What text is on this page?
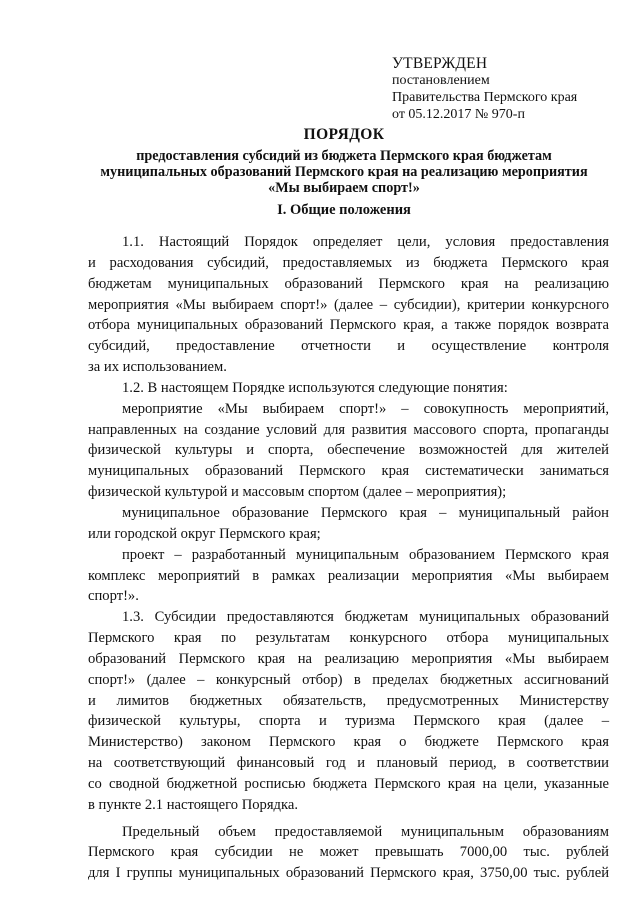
УТВЕРЖДЕН
постановлением
Правительства Пермского края
от 05.12.2017 № 970-п
ПОРЯДОК
предоставления субсидий из бюджета Пермского края бюджетам
муниципальных образований Пермского края на реализацию мероприятия
«Мы выбираем спорт!»
I. Общие положения
1.1. Настоящий Порядок определяет цели, условия предоставления
и расходования субсидий, предоставляемых из бюджета Пермского края
бюджетам муниципальных образований Пермского края на реализацию
мероприятия «Мы выбираем спорт!» (далее – субсидии), критерии конкурсного
отбора муниципальных образований Пермского края, а также порядок возврата
субсидий, предоставление отчетности и осуществление контроля
за их использованием.
1.2. В настоящем Порядке используются следующие понятия:
мероприятие «Мы выбираем спорт!» – совокупность мероприятий,
направленных на создание условий для развития массового спорта, пропаганды
физической культуры и спорта, обеспечение возможностей для жителей
муниципальных образований Пермского края систематически заниматься
физической культурой и массовым спортом (далее – мероприятия);
муниципальное образование Пермского края – муниципальный район
или городской округ Пермского края;
проект – разработанный муниципальным образованием Пермского края
комплекс мероприятий в рамках реализации мероприятия «Мы выбираем
спорт!».
1.3. Субсидии предоставляются бюджетам муниципальных образований
Пермского края по результатам конкурсного отбора муниципальных
образований Пермского края на реализацию мероприятия «Мы выбираем
спорт!» (далее – конкурсный отбор) в пределах бюджетных ассигнований
и лимитов бюджетных обязательств, предусмотренных Министерству
физической культуры, спорта и туризма Пермского края (далее –
Министерство) законом Пермского края о бюджете Пермского края
на соответствующий финансовый год и плановый период, в соответствии
со сводной бюджетной росписью бюджета Пермского края на цели, указанные
в пункте 2.1 настоящего Порядка.
Предельный объем предоставляемой муниципальным образованиям
Пермского края субсидии не может превышать 7000,00 тыс. рублей
для I группы муниципальных образований Пермского края, 3750,00 тыс. рублей
